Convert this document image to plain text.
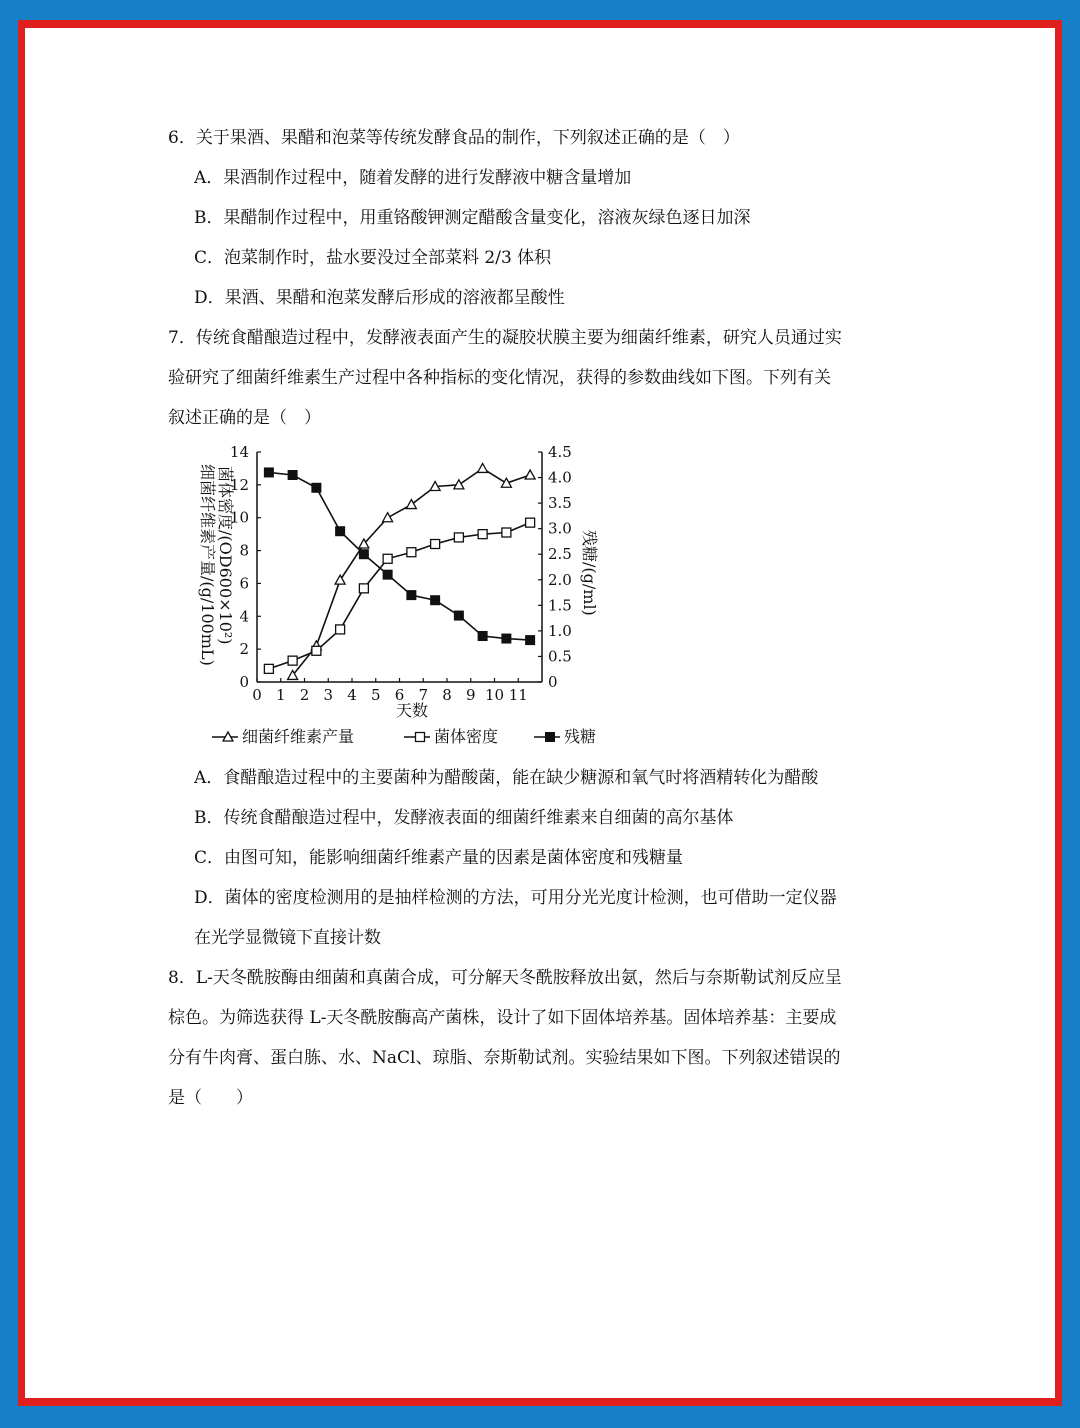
6．关于果酒、果醋和泡菜等传统发酵食品的制作，下列叙述正确的是（　）
A．果酒制作过程中，随着发酵的进行发酵液中糖含量增加
B．果醋制作过程中，用重铬酸钾测定醋酸含量变化，溶液灰绿色逐日加深
C．泡菜制作时，盐水要没过全部菜料 2/3 体积
D．果酒、果醋和泡菜发酵后形成的溶液都呈酸性
7．传统食醋酿造过程中，发酵液表面产生的凝胶状膜主要为细菌纤维素，研究人员通过实
验研究了细菌纤维素生产过程中各种指标的变化情况，获得的参数曲线如下图。下列有关
叙述正确的是（　）
0 1 2 3 4 5 6 7 8 9 10 11
0
2
4
6
8
10
12
14
0
0.5
1.0
1.5
2.0
2.5
3.0
3.5
4.0
4.5
天数
细菌纤维素产量/(g/100mL) 菌体密度/(OD600×10²)	残糖/(g/ml)
细菌纤维素产量	菌体密度	残糖
A．食醋酿造过程中的主要菌种为醋酸菌，能在缺少糖源和氧气时将酒精转化为醋酸
B．传统食醋酿造过程中，发酵液表面的细菌纤维素来自细菌的高尔基体
C．由图可知，能影响细菌纤维素产量的因素是菌体密度和残糖量
D．菌体的密度检测用的是抽样检测的方法，可用分光光度计检测，也可借助一定仪器
在光学显微镜下直接计数
8．L-天冬酰胺酶由细菌和真菌合成，可分解天冬酰胺释放出氨，然后与奈斯勒试剂反应呈
棕色。为筛选获得 L-天冬酰胺酶高产菌株，设计了如下固体培养基。固体培养基：主要成
分有牛肉膏、蛋白胨、水、NaCl、琼脂、奈斯勒试剂。实验结果如下图。下列叙述错误的
是（　　）
